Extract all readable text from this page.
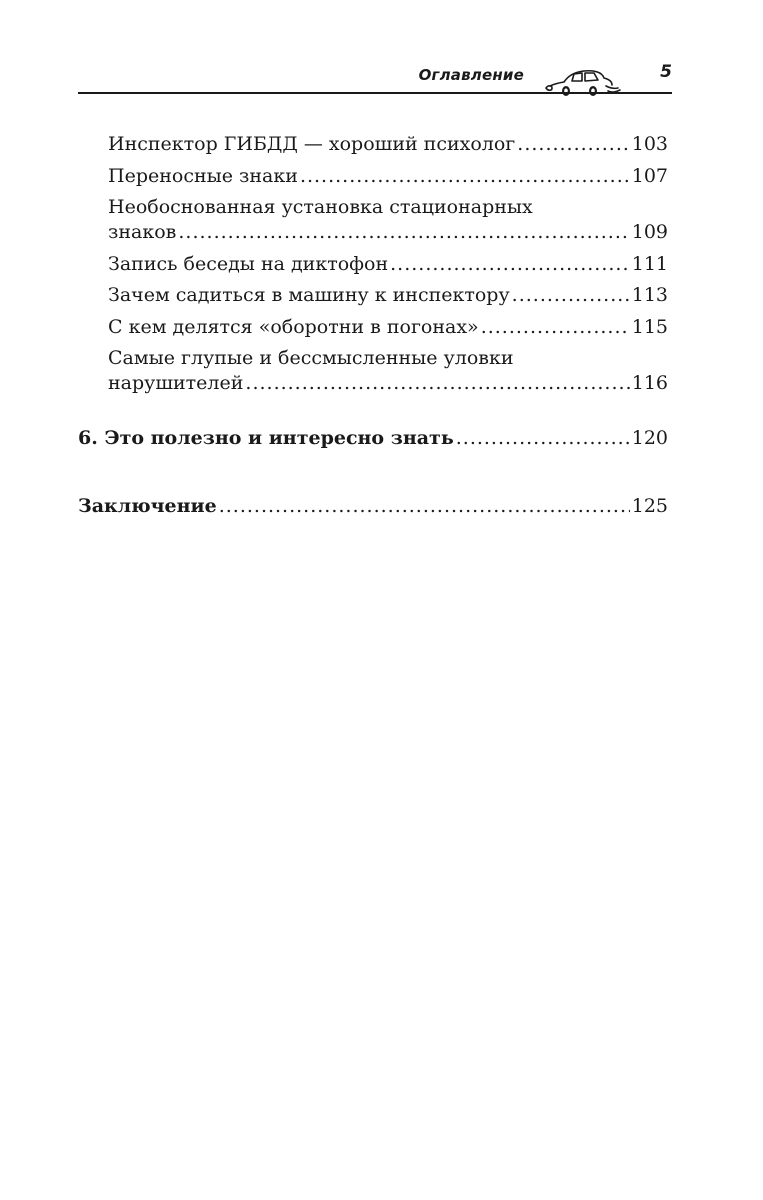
Оглавление	5
Инспектор ГИБДД — хороший психолог .....	103
Переносные знаки .....	107
Необоснованная установка стационарных
знаков .....	109
Запись беседы на диктофон .....	111
Зачем садиться в машину к инспектору .....	113
С кем делятся «оборотни в погонах» .....	115
Самые глупые и бессмысленные уловки
нарушителей .....	116
6. Это полезно и интересно знать .....	120
Заключение .....	125
